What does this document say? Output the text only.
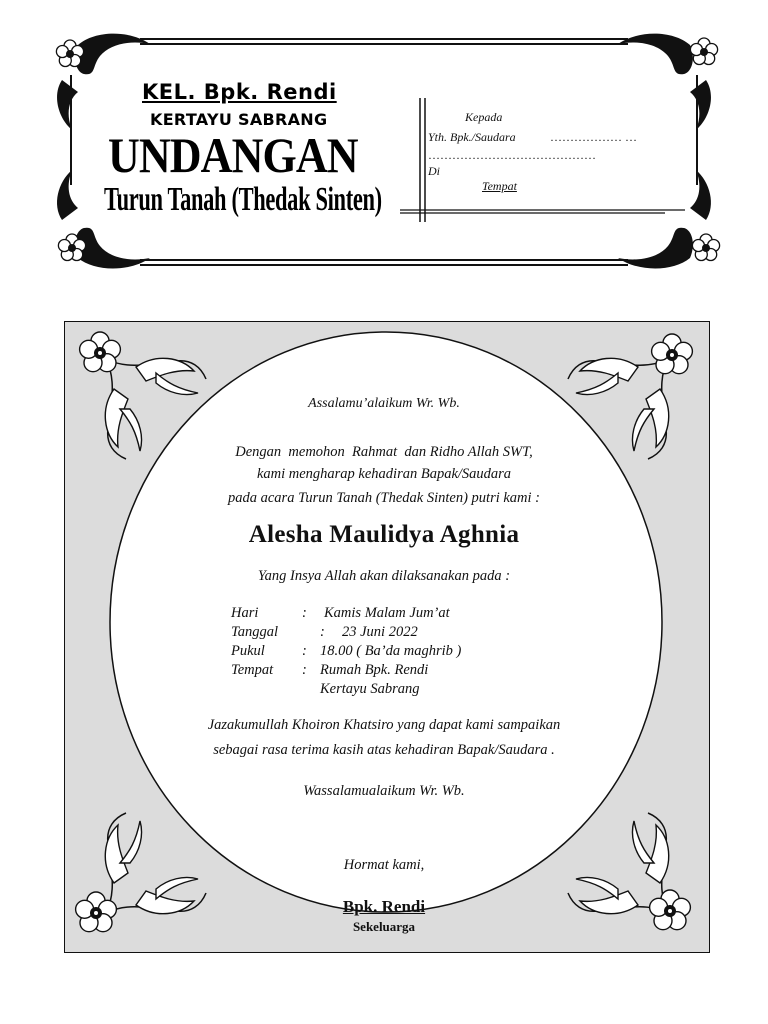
KEL. Bpk. Rendi
KERTAYU SABRANG
UNDANGAN
Turun Tanah (Thedak Sinten)
Kepada
Yth. Bpk./Saudara	……………… …
……………………………………
Di
Tempat
Assalamu’alaikum Wr. Wb.
Dengan  memohon  Rahmat  dan Ridho Allah SWT,
kami mengharap kehadiran Bapak/Saudara
pada acara Turun Tanah (Thedak Sinten) putri kami :
Alesha Maulidya Aghnia
Yang Insya Allah akan dilaksanakan pada :
Hari	: Kamis Malam Jum’at
Tanggal	: 23 Juni 2022
Pukul	: 18.00 ( Ba’da maghrib )
Tempat : Rumah Bpk. Rendi
Kertayu Sabrang
Jazakumullah Khoiron Khatsiro yang dapat kami sampaikan
sebagai rasa terima kasih atas kehadiran Bapak/Saudara .
Wassalamualaikum Wr. Wb.
Hormat kami,
Bpk. Rendi
Sekeluarga
